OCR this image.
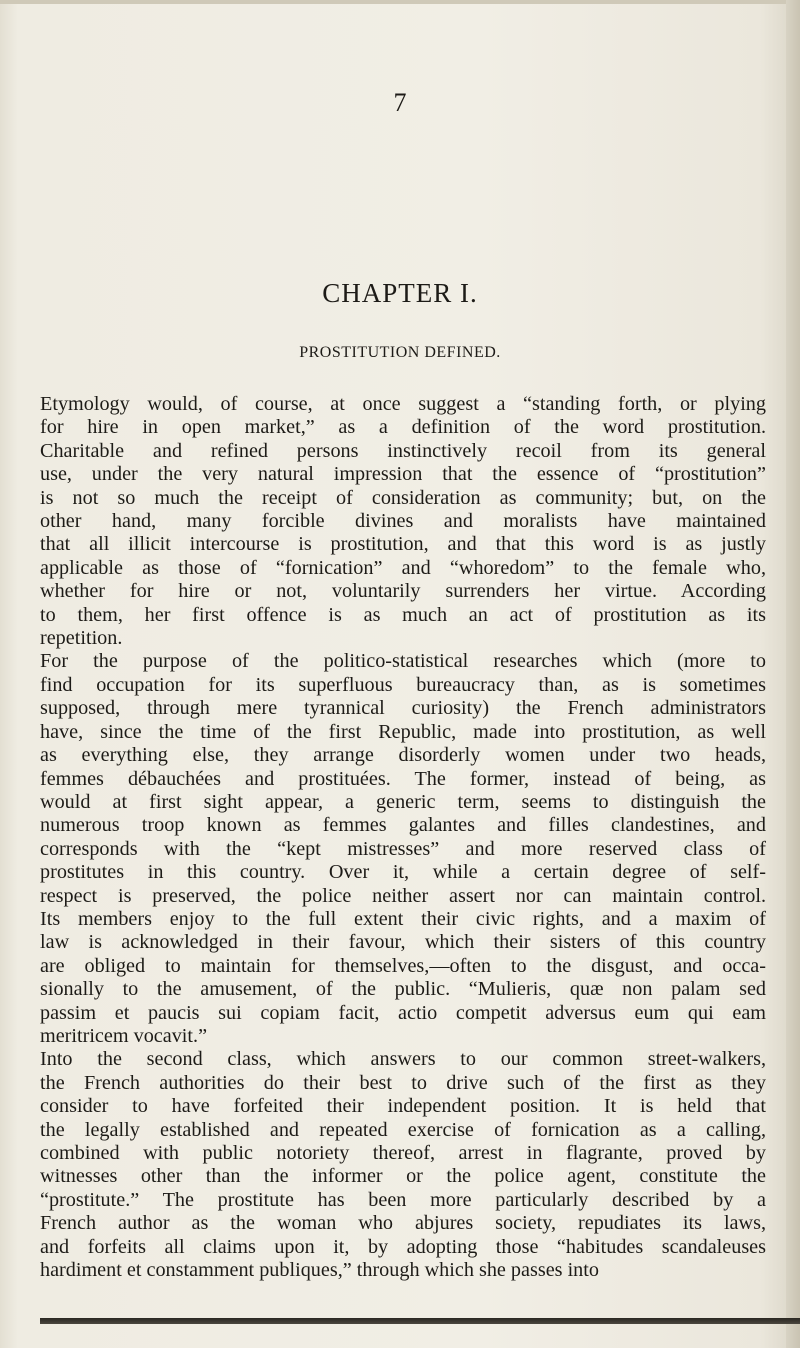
7
CHAPTER I.
PROSTITUTION DEFINED.
Etymology would, of course, at once suggest a “standing forth, or plying
for hire in open market,” as a definition of the word prostitution.
Charitable and refined persons instinctively recoil from its general
use, under the very natural impression that the essence of “prostitution”
is not so much the receipt of consideration as community; but, on the
other hand, many forcible divines and moralists have maintained
that all illicit intercourse is prostitution, and that this word is as justly
applicable as those of “fornication” and “whoredom” to the female who,
whether for hire or not, voluntarily surrenders her virtue. According
to them, her first offence is as much an act of prostitution as its
repetition.
For the purpose of the politico-statistical researches which (more to
find occupation for its superfluous bureaucracy than, as is sometimes
supposed, through mere tyrannical curiosity) the French administrators
have, since the time of the first Republic, made into prostitution, as well
as everything else, they arrange disorderly women under two heads,
femmes débauchées and prostituées. The former, instead of being, as
would at first sight appear, a generic term, seems to distinguish the
numerous troop known as femmes galantes and filles clandestines, and
corresponds with the “kept mistresses” and more reserved class of
prostitutes in this country. Over it, while a certain degree of self-
respect is preserved, the police neither assert nor can maintain control.
Its members enjoy to the full extent their civic rights, and a maxim of
law is acknowledged in their favour, which their sisters of this country
are obliged to maintain for themselves,—often to the disgust, and occa-
sionally to the amusement, of the public. “Mulieris, quæ non palam sed
passim et paucis sui copiam facit, actio competit adversus eum qui eam
meritricem vocavit.”
Into the second class, which answers to our common street-walkers,
the French authorities do their best to drive such of the first as they
consider to have forfeited their independent position. It is held that
the legally established and repeated exercise of fornication as a calling,
combined with public notoriety thereof, arrest in flagrante, proved by
witnesses other than the informer or the police agent, constitute the
“prostitute.” The prostitute has been more particularly described by a
French author as the woman who abjures society, repudiates its laws,
and forfeits all claims upon it, by adopting those “habitudes scandaleuses
hardiment et constamment publiques,” through which she passes into
